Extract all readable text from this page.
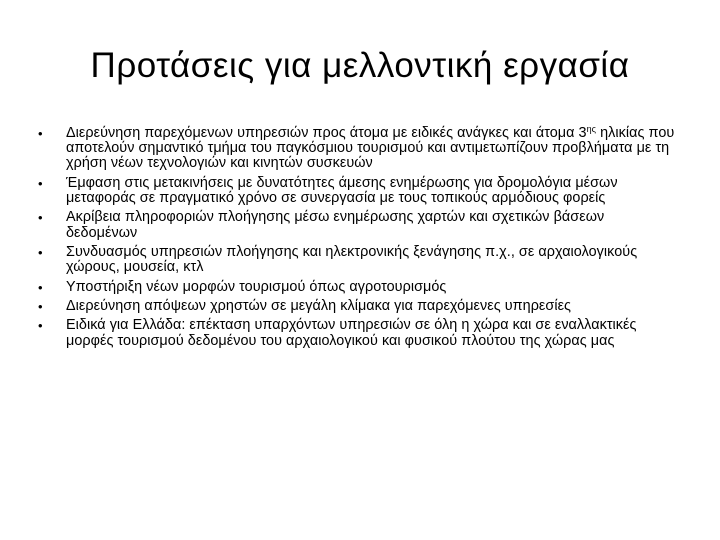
Προτάσεις για μελλοντική εργασία
• Διερεύνηση παρεχόμενων υπηρεσιών προς άτομα με ειδικές ανάγκες και άτομα $3^{\eta\varsigma}$ ηλικίας που αποτελούν σημαντικό τμήμα του παγκόσμιου τουρισμού και αντιμετωπίζουν προβλήματα με τη χρήση νέων τεχνολογιών και κινητών συσκευών
• Έμφαση στις μετακινήσεις με δυνατότητες άμεσης ενημέρωσης για δρομολόγια μέσων μεταφοράς σε πραγματικό χρόνο σε συνεργασία με τους τοπικούς αρμόδιους φορείς
• Ακρίβεια πληροφοριών πλοήγησης μέσω ενημέρωσης χαρτών και σχετικών βάσεων δεδομένων
• Συνδυασμός υπηρεσιών πλοήγησης και ηλεκτρονικής ξενάγησης π.χ., σε αρχαιολογικούς χώρους, μουσεία, κτλ
• Υποστήριξη νέων μορφών τουρισμού όπως αγροτουρισμός
• Διερεύνηση απόψεων χρηστών σε μεγάλη κλίμακα για παρεχόμενες υπηρεσίες
• Ειδικά για Ελλάδα: επέκταση υπαρχόντων υπηρεσιών σε όλη η χώρα και σε εναλλακτικές μορφές τουρισμού δεδομένου του αρχαιολογικού και φυσικού πλούτου της χώρας μας
